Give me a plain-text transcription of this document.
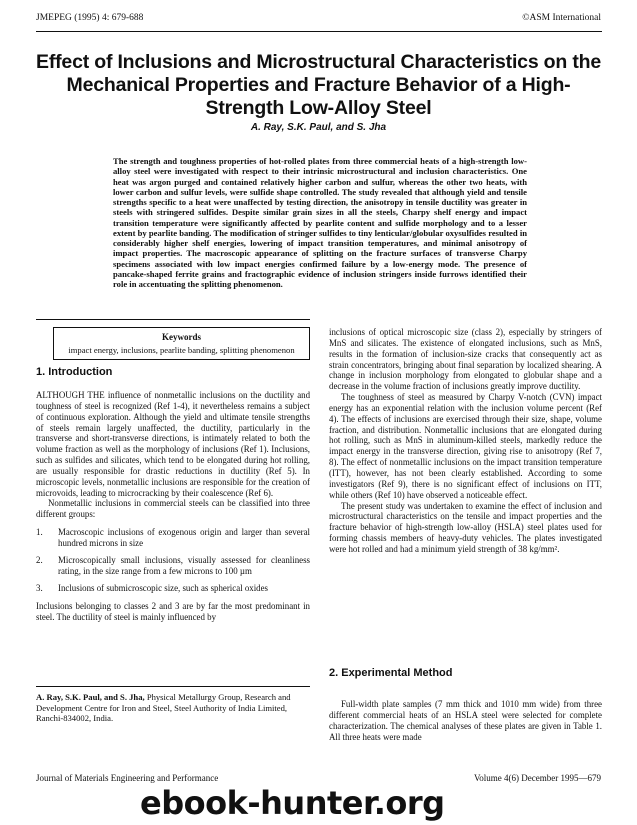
JMEPEG (1995) 4: 679-688	©ASM International
Effect of Inclusions and Microstructural Characteristics on the Mechanical Properties and Fracture Behavior of a High-Strength Low-Alloy Steel
A. Ray, S.K. Paul, and S. Jha
The strength and toughness properties of hot-rolled plates from three commercial heats of a high-strength low-alloy steel were investigated with respect to their intrinsic microstructural and inclusion characteristics. One heat was argon purged and contained relatively higher carbon and sulfur, whereas the other two heats, with lower carbon and sulfur levels, were sulfide shape controlled. The study revealed that although yield and tensile strengths specific to a heat were unaffected by testing direction, the anisotropy in tensile ductility was greater in steels with stringered sulfides. Despite similar grain sizes in all the steels, Charpy shelf energy and impact transition temperature were significantly affected by pearlite content and sulfide morphology and to a lesser extent by pearlite banding. The modification of stringer sulfides to tiny lenticular/globular oxysulfides resulted in considerably higher shelf energies, lowering of impact transition temperatures, and minimal anisotropy of impact properties. The macroscopic appearance of splitting on the fracture surfaces of transverse Charpy specimens associated with low impact energies confirmed failure by a low-energy mode. The presence of pancake-shaped ferrite grains and fractographic evidence of inclusion stringers inside furrows identified their role in accentuating the splitting phenomenon.
Keywords
impact energy, inclusions, pearlite banding, splitting phenomenon
1. Introduction

ALTHOUGH THE influence of nonmetallic inclusions on the ductility and toughness of steel is recognized (Ref 1-4), it nevertheless remains a subject of continuous exploration. Although the yield and ultimate tensile strengths of steels remain largely unaffected, the ductility, particularly in the transverse and short-transverse directions, is intimately related to both the volume fraction as well as the morphology of inclusions (Ref 1). Inclusions, such as sulfides and silicates, which tend to be elongated during hot rolling, are usually responsible for drastic reductions in ductility (Ref 5). In microscopic levels, nonmetallic inclusions are responsible for the creation of microvoids, leading to microcracking by their coalescence (Ref 6).

Nonmetallic inclusions in commercial steels can be classified into three different groups:

1. Macroscopic inclusions of exogenous origin and larger than several hundred microns in size
2. Microscopically small inclusions, visually assessed for cleanliness rating, in the size range from a few microns to 100 µm
3. Inclusions of submicroscopic size, such as spherical oxides

Inclusions belonging to classes 2 and 3 are by far the most predominant in steel. The ductility of steel is mainly influenced by

A. Ray, S.K. Paul, and S. Jha, Physical Metallurgy Group, Research and Development Centre for Iron and Steel, Steel Authority of India Limited, Ranchi-834002, India.

inclusions of optical microscopic size (class 2), especially by stringers of MnS and silicates. The existence of elongated inclusions, such as MnS, results in the formation of inclusion-size cracks that consequently act as strain concentrators, bringing about final separation by localized shearing. A change in inclusion morphology from elongated to globular shape and a decrease in the volume fraction of inclusions greatly improve ductility.

The toughness of steel as measured by Charpy V-notch (CVN) impact energy has an exponential relation with the inclusion volume percent (Ref 4). The effects of inclusions are exercised through their size, shape, volume fraction, and distribution. Nonmetallic inclusions that are elongated during hot rolling, such as MnS in aluminum-killed steels, markedly reduce the impact energy in the transverse direction, giving rise to anisotropy (Ref 7, 8). The effect of nonmetallic inclusions on the impact transition temperature (ITT), however, has not been clearly established. According to some investigators (Ref 9), there is no significant effect of inclusions on ITT, while others (Ref 10) have observed a noticeable effect.

The present study was undertaken to examine the effect of inclusion and microstructural characteristics on the tensile and impact properties and the fracture behavior of high-strength low-alloy (HSLA) steel plates used for forming chassis members of heavy-duty vehicles. The plates investigated were hot rolled and had a minimum yield strength of 38 kg/mm².

2. Experimental Method
Full-width plate samples (7 mm thick and 1010 mm wide) from three different commercial heats of an HSLA steel were selected for complete characterization. The chemical analyses of these plates are given in Table 1. All three heats were made
Journal of Materials Engineering and Performance	Volume 4(6) December 1995—679
ebook-hunter.org
